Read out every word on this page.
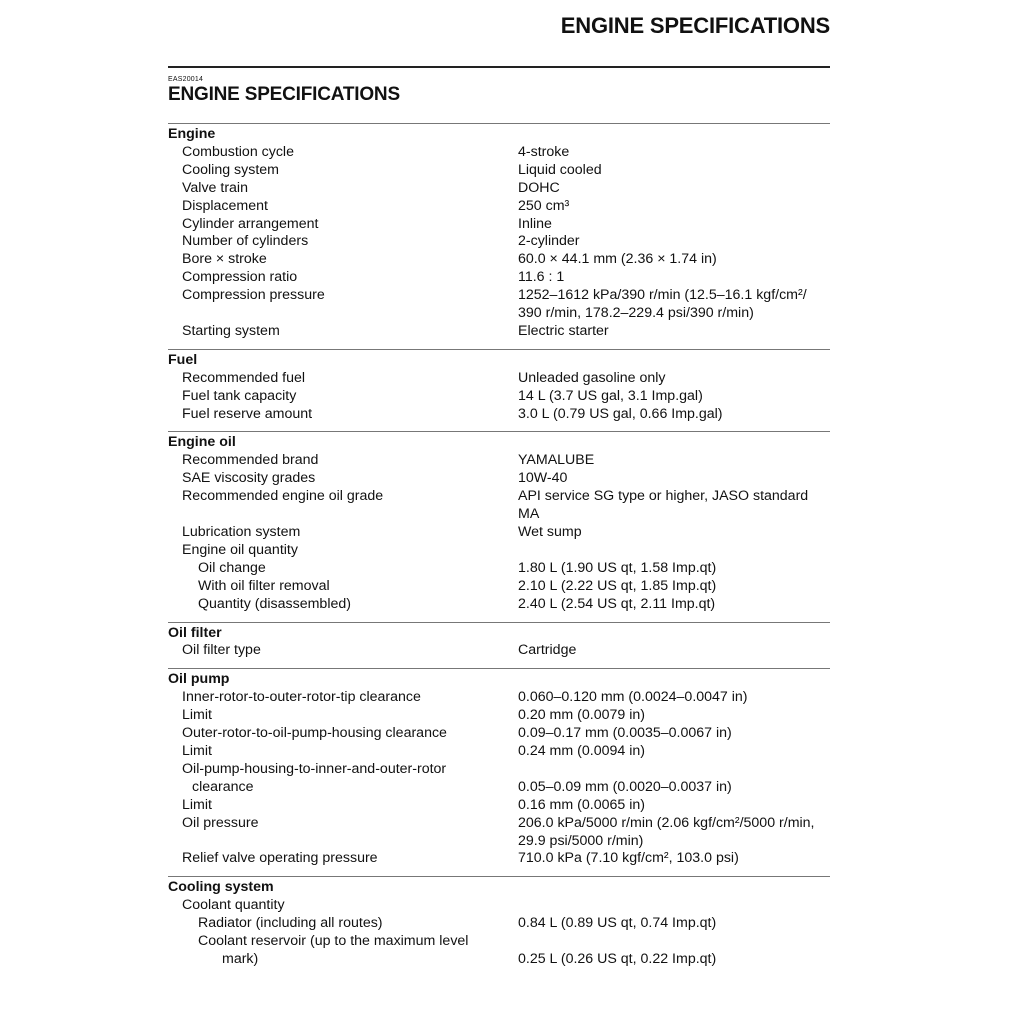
ENGINE SPECIFICATIONS
EAS20014
ENGINE SPECIFICATIONS
Engine
Combustion cycle	4-stroke
Cooling system	Liquid cooled
Valve train	DOHC
Displacement	250 cm³
Cylinder arrangement	Inline
Number of cylinders	2-cylinder
Bore × stroke	60.0 × 44.1 mm (2.36 × 1.74 in)
Compression ratio	11.6 : 1
Compression pressure	1252–1612 kPa/390 r/min (12.5–16.1 kgf/cm²/ 390 r/min, 178.2–229.4 psi/390 r/min)
Starting system	Electric starter
Fuel
Recommended fuel	Unleaded gasoline only
Fuel tank capacity	14 L (3.7 US gal, 3.1 Imp.gal)
Fuel reserve amount	3.0 L (0.79 US gal, 0.66 Imp.gal)
Engine oil
Recommended brand	YAMALUBE
SAE viscosity grades	10W-40
Recommended engine oil grade	API service SG type or higher, JASO standard MA
Lubrication system	Wet sump
Engine oil quantity
Oil change	1.80 L (1.90 US qt, 1.58 Imp.qt)
With oil filter removal	2.10 L (2.22 US qt, 1.85 Imp.qt)
Quantity (disassembled)	2.40 L (2.54 US qt, 2.11 Imp.qt)
Oil filter
Oil filter type	Cartridge
Oil pump
Inner-rotor-to-outer-rotor-tip clearance	0.060–0.120 mm (0.0024–0.0047 in)
Limit	0.20 mm (0.0079 in)
Outer-rotor-to-oil-pump-housing clearance	0.09–0.17 mm (0.0035–0.0067 in)
Limit	0.24 mm (0.0094 in)
Oil-pump-housing-to-inner-and-outer-rotor
clearance	0.05–0.09 mm (0.0020–0.0037 in)
Limit	0.16 mm (0.0065 in)
Oil pressure	206.0 kPa/5000 r/min (2.06 kgf/cm²/5000 r/min, 29.9 psi/5000 r/min)
Relief valve operating pressure	710.0 kPa (7.10 kgf/cm², 103.0 psi)
Cooling system
Coolant quantity
Radiator (including all routes)	0.84 L (0.89 US qt, 0.74 Imp.qt)
Coolant reservoir (up to the maximum level
mark)	0.25 L (0.26 US qt, 0.22 Imp.qt)
